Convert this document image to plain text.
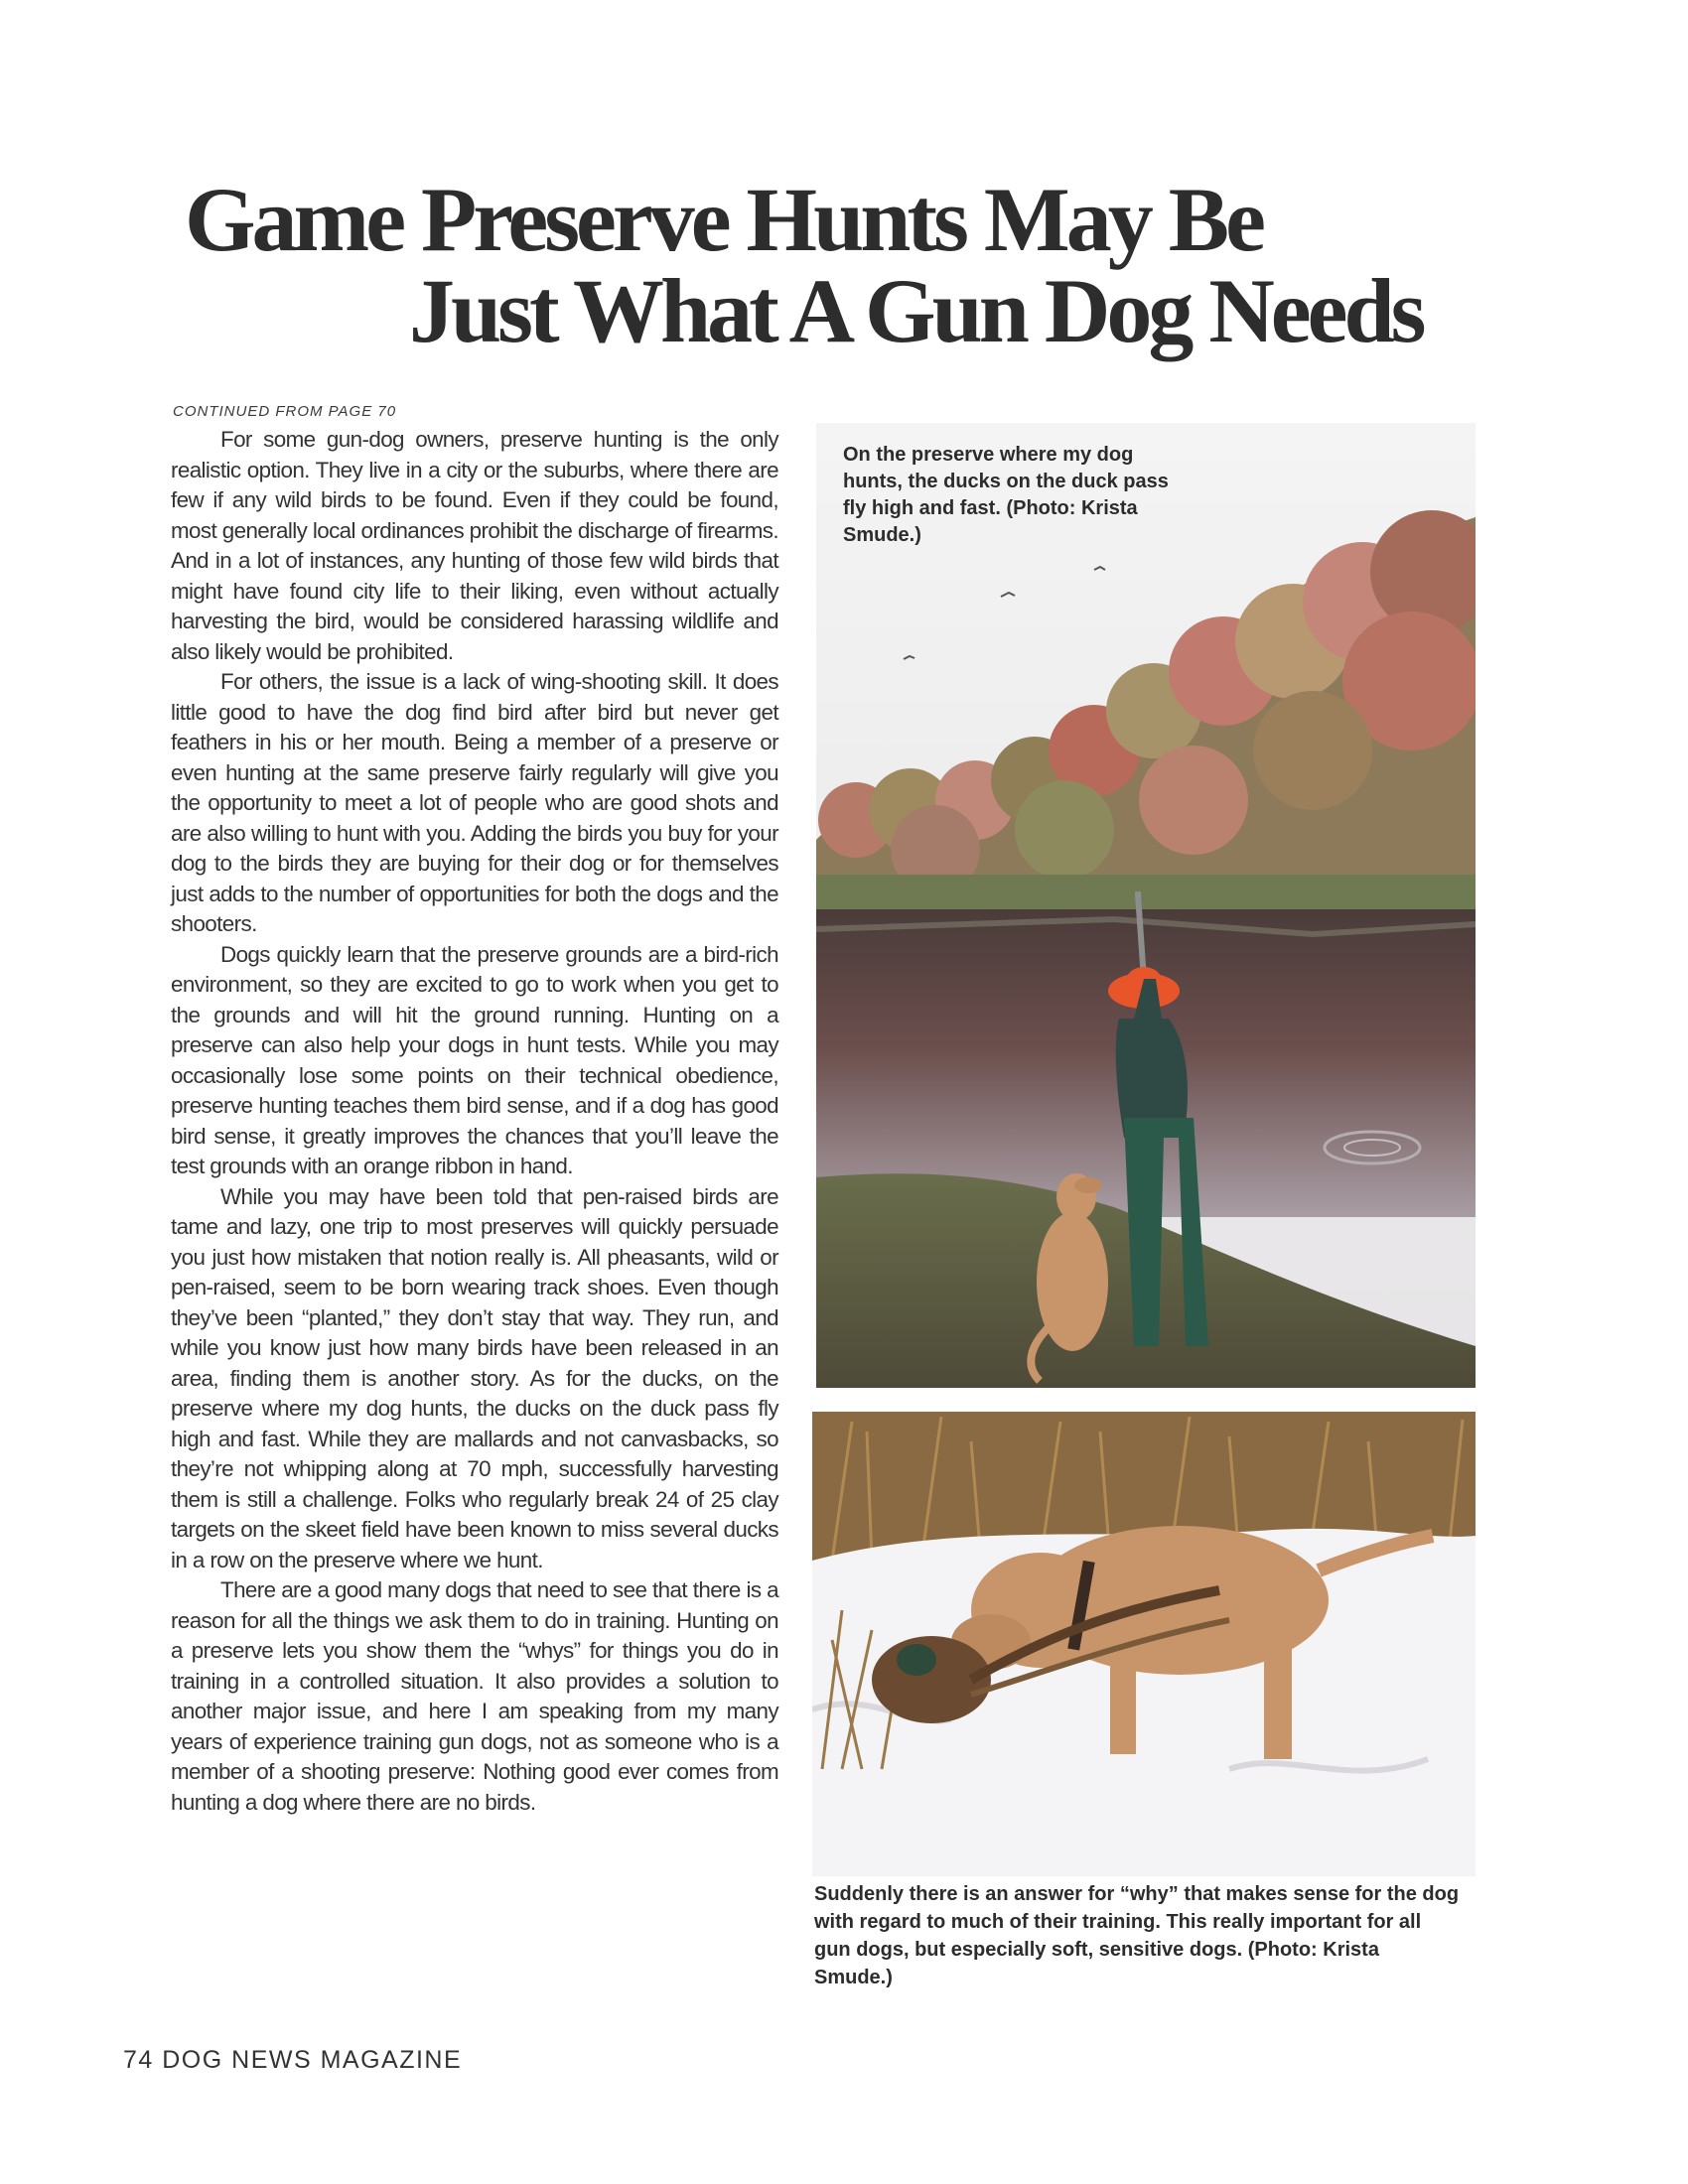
Game Preserve Hunts May Be
Just What A Gun Dog Needs
CONTINUED FROM PAGE 70

For some gun-dog owners, preserve hunting is the only realistic option. They live in a city or the suburbs, where there are few if any wild birds to be found. Even if they could be found, most generally local ordinances prohibit the discharge of firearms. And in a lot of instances, any hunting of those few wild birds that might have found city life to their liking, even without actually harvesting the bird, would be considered harassing wildlife and also likely would be prohibited.

For others, the issue is a lack of wing-shooting skill. It does little good to have the dog find bird after bird but never get feathers in his or her mouth. Being a member of a preserve or even hunting at the same preserve fairly regularly will give you the opportunity to meet a lot of people who are good shots and are also willing to hunt with you. Adding the birds you buy for your dog to the birds they are buying for their dog or for themselves just adds to the number of opportunities for both the dogs and the shooters.

Dogs quickly learn that the preserve grounds are a bird-rich environment, so they are excited to go to work when you get to the grounds and will hit the ground running. Hunting on a preserve can also help your dogs in hunt tests. While you may occasionally lose some points on their technical obedience, preserve hunting teaches them bird sense, and if a dog has good bird sense, it greatly improves the chances that you’ll leave the test grounds with an orange ribbon in hand.

While you may have been told that pen-raised birds are tame and lazy, one trip to most preserves will quickly persuade you just how mistaken that notion really is. All pheasants, wild or pen-raised, seem to be born wearing track shoes. Even though they’ve been “planted,” they don’t stay that way. They run, and while you know just how many birds have been released in an area, finding them is another story. As for the ducks, on the preserve where my dog hunts, the ducks on the duck pass fly high and fast. While they are mallards and not canvasbacks, so they’re not whipping along at 70 mph, successfully harvesting them is still a challenge. Folks who regularly break 24 of 25 clay targets on the skeet field have been known to miss several ducks in a row on the preserve where we hunt.

There are a good many dogs that need to see that there is a reason for all the things we ask them to do in training. Hunting on a preserve lets you show them the “whys” for things you do in training in a controlled situation. It also provides a solution to another major issue, and here I am speaking from my many years of experience training gun dogs, not as someone who is a member of a shooting preserve: Nothing good ever comes from hunting a dog where there are no birds.

On the preserve where my dog hunts, the ducks on the duck pass fly high and fast. (Photo: Krista Smude.)
Suddenly there is an answer for “why” that makes sense for the dog with regard to much of their training. This really important for all gun dogs, but especially soft, sensitive dogs. (Photo: Krista Smude.)
74 DOG NEWS MAGAZINE
